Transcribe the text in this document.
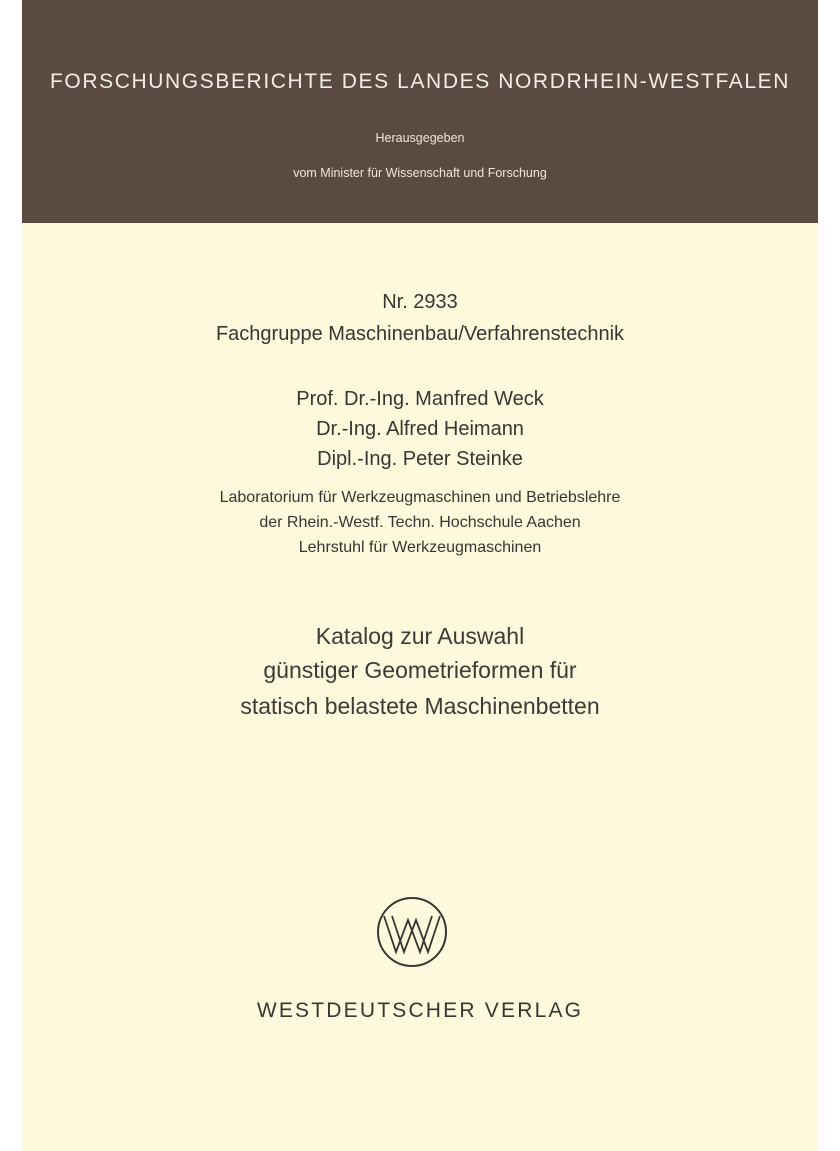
FORSCHUNGSBERICHTE DES LANDES NORDRHEIN-WESTFALEN
Herausgegeben
vom Minister für Wissenschaft und Forschung
Nr. 2933
Fachgruppe Maschinenbau/Verfahrenstechnik
Prof. Dr.-Ing. Manfred Weck
Dr.-Ing. Alfred Heimann
Dipl.-Ing. Peter Steinke
Laboratorium für Werkzeugmaschinen und Betriebslehre
der Rhein.-Westf. Techn. Hochschule Aachen
Lehrstuhl für Werkzeugmaschinen
Katalog zur Auswahl
günstiger Geometrieformen für
statisch belastete Maschinenbetten
WESTDEUTSCHER VERLAG
